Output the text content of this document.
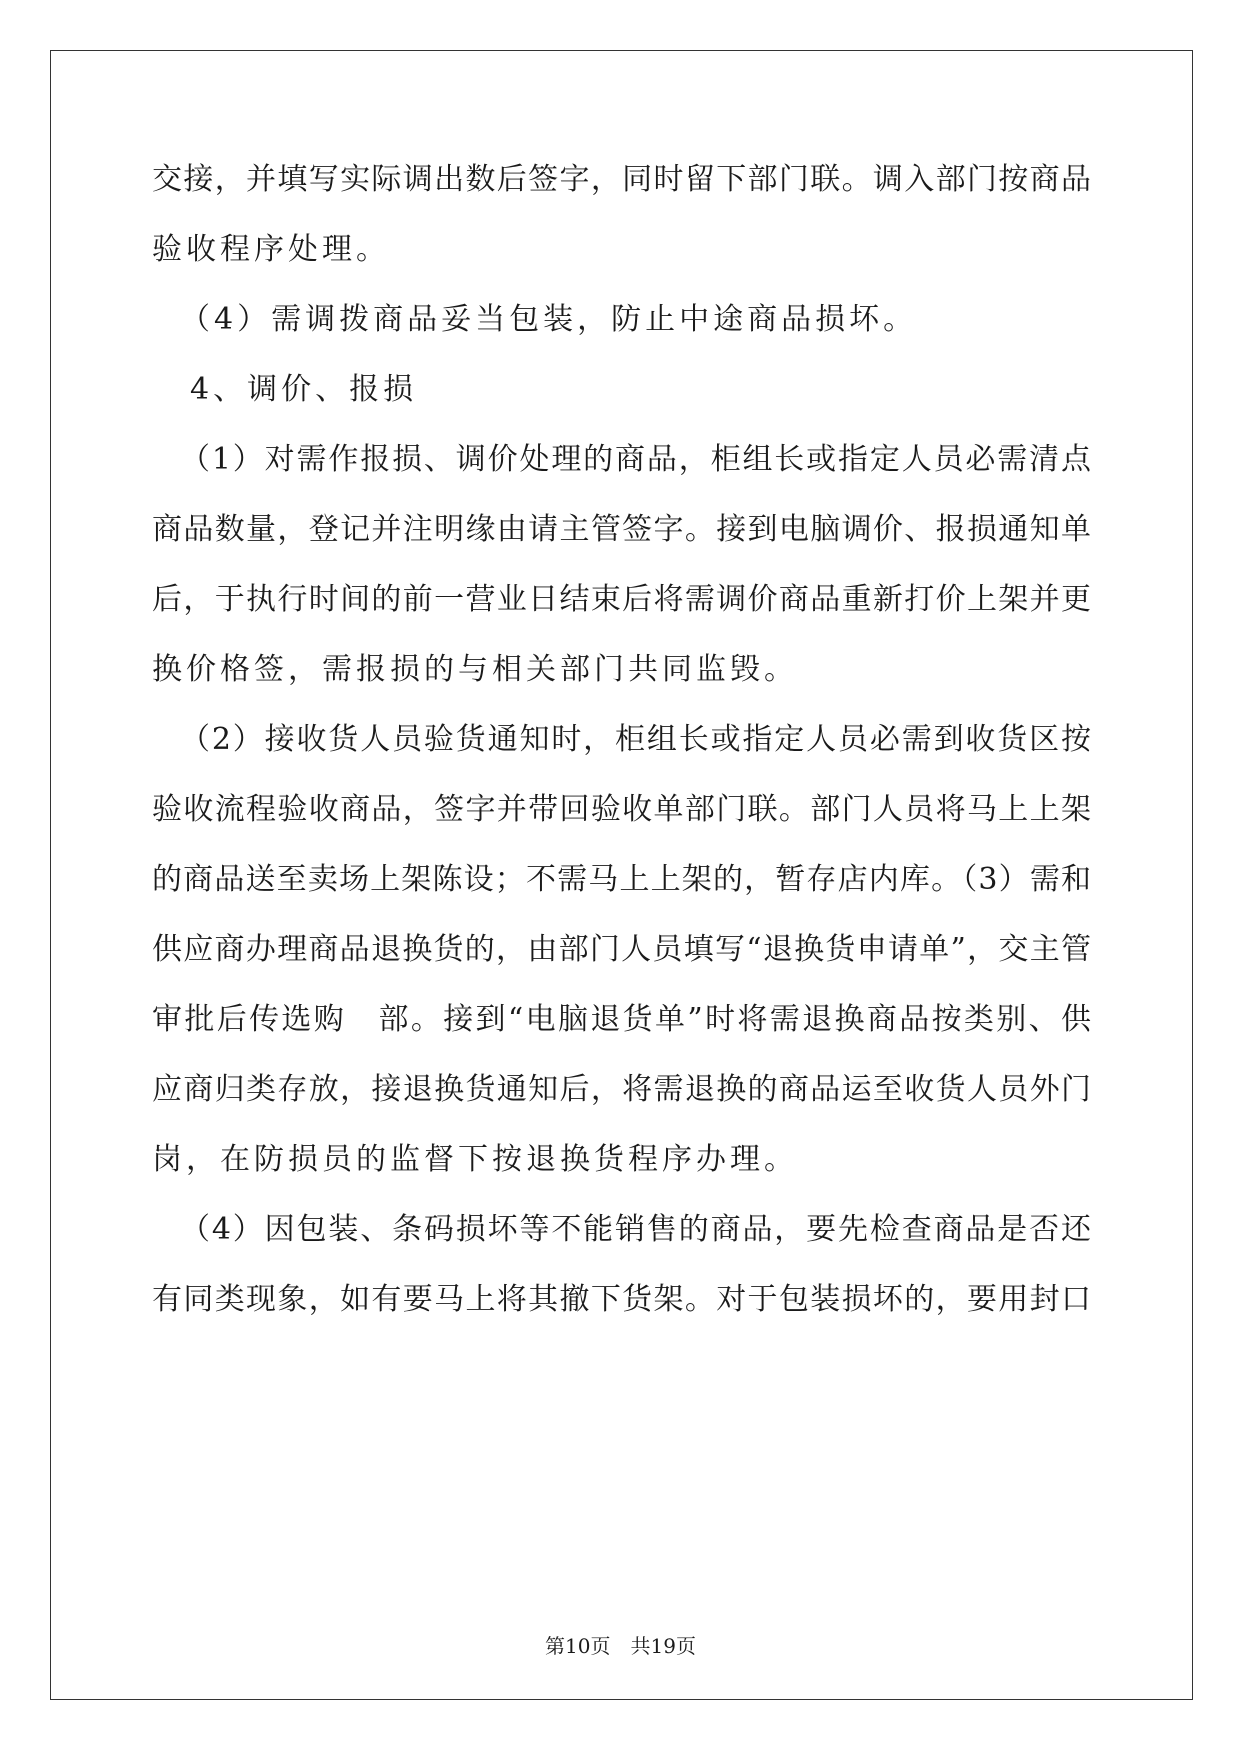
交接，并填写实际调出数后签字，同时留下部门联。调入部门按商品
验收程序处理。
（4）需调拨商品妥当包装，防止中途商品损坏。
4、调价、报损
（1）对需作报损、调价处理的商品，柜组长或指定人员必需清点
商品数量，登记并注明缘由请主管签字。接到电脑调价、报损通知单
后，于执行时间的前一营业日结束后将需调价商品重新打价上架并更
换价格签，需报损的与相关部门共同监毁。
（2）接收货人员验货通知时，柜组长或指定人员必需到收货区按
验收流程验收商品，签字并带回验收单部门联。部门人员将马上上架
的商品送至卖场上架陈设；不需马上上架的，暂存店内库。（3）需和
供应商办理商品退换货的，由部门人员填写“退换货申请单”，交主管
审批后传选购　部。接到“电脑退货单”时将需退换商品按类别、供
应商归类存放，接退换货通知后，将需退换的商品运至收货人员外门
岗，在防损员的监督下按退换货程序办理。
（4）因包装、条码损坏等不能销售的商品，要先检查商品是否还
有同类现象，如有要马上将其撤下货架。对于包装损坏的，要用封口
第10页　共19页
